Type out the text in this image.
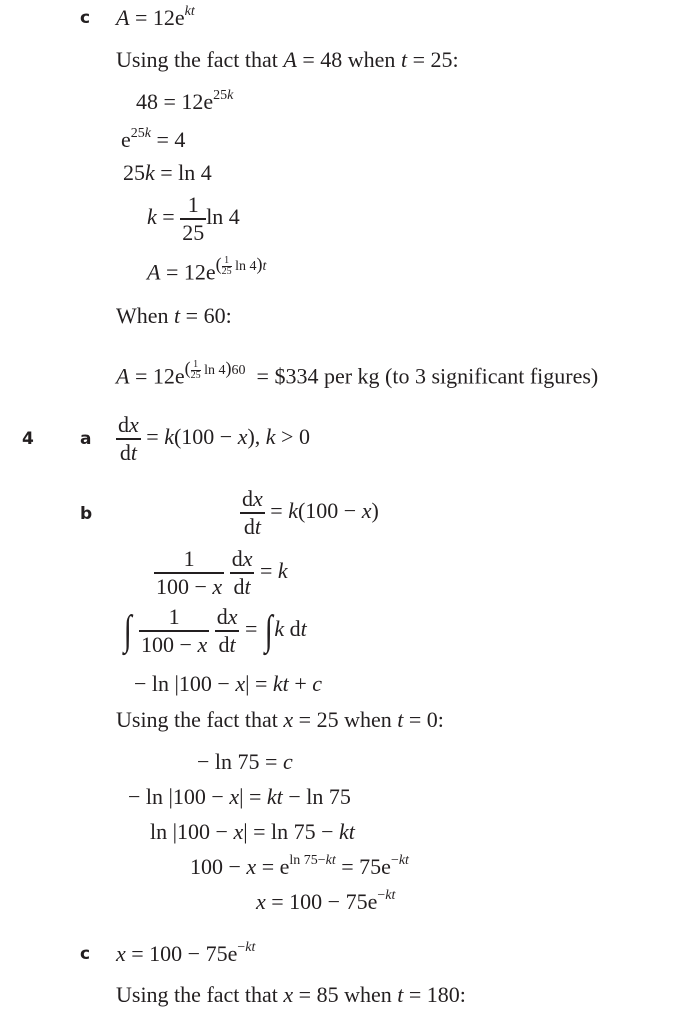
c $A = 12e^{kt}$
Using the fact that A = 48 when t = 25:
$48 = 12e^{25k}$
$e^{25k} = 4$
25k = ln 4
$k = \frac{1}{25}$ ln 4
$A = 12e^{( \frac{1}{25} ln 4)t}$
When t = 60:
$A = 12e^{( \frac{1}{25} ln 4)60}$  = $334 per kg (to 3 significant figures)
4	a $\frac{dx}{dt} = k(100 - x)$, k > 0
b	$\frac{dx}{dt} = k(100 - x)$
$\frac{1}{100 - x}$
$\frac{dx}{dt} = k$
∫ $\frac{1}{100 - x}$
$\frac{dx}{dt} = \int k$ dt
− ln |100 − x| = kt + c
Using the fact that x = 25 when t = 0:
− ln 75 = c
− ln |100 − x| = kt − ln 75
ln |100 − x| = ln 75 − kt
$100 - x = e^{ln 75-kt} = 75e^{-kt}$
$x = 100 - 75e^{-kt}$
c $x = 100 - 75e^{-kt}$
Using the fact that x = 85 when t = 180:
